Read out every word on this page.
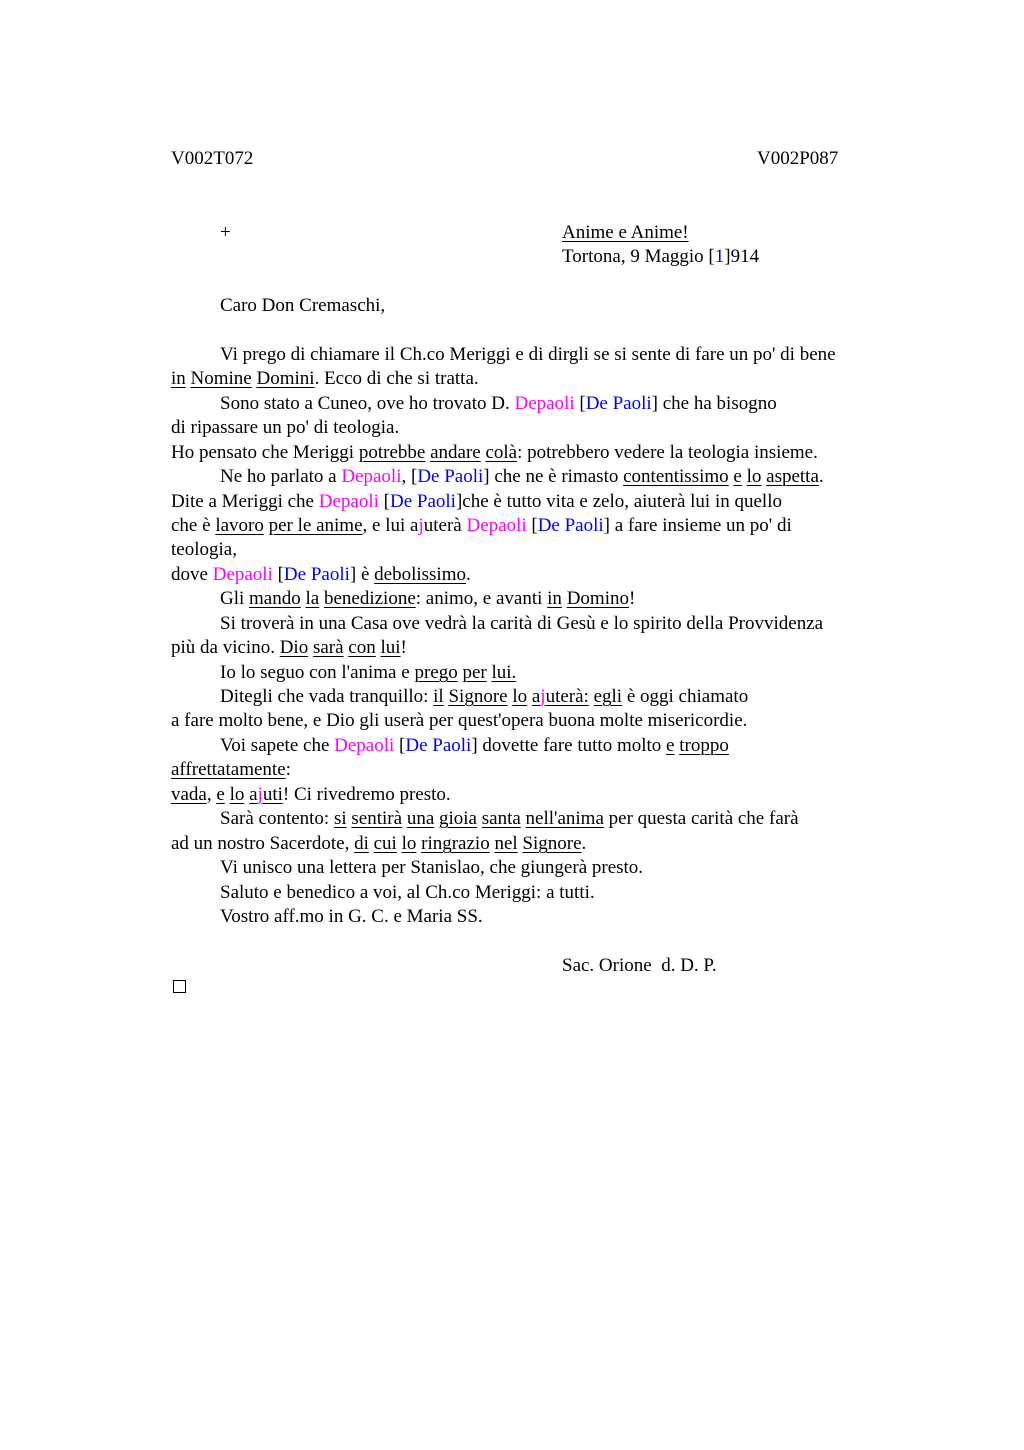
V002T072	V002P087
+	Anime e Anime!
Tortona, 9 Maggio [1]914
Caro Don Cremaschi,
Vi prego di chiamare il Ch.co Meriggi e di dirgli se si sente di fare un po' di bene
in Nomine Domini. Ecco di che si tratta.
Sono stato a Cuneo, ove ho trovato D. Depaoli [De Paoli] che ha bisogno
di ripassare un po' di teologia.
Ho pensato che Meriggi potrebbe andare colà: potrebbero vedere la teologia insieme.
Ne ho parlato a Depaoli, [De Paoli] che ne è rimasto contentissimo e lo aspetta.
Dite a Meriggi che Depaoli [De Paoli]che è tutto vita e zelo, aiuterà lui in quello
che è lavoro per le anime, e lui ajuterà Depaoli [De Paoli] a fare insieme un po' di
teologia,
dove Depaoli [De Paoli] è debolissimo.
Gli mando la benedizione: animo, e avanti in Domino!
Si troverà in una Casa ove vedrà la carità di Gesù e lo spirito della Provvidenza
più da vicino. Dio sarà con lui!
Io lo seguo con l'anima e prego per lui.
Ditegli che vada tranquillo: il Signore lo ajuterà: egli è oggi chiamato
a fare molto bene, e Dio gli userà per quest'opera buona molte misericordie.
Voi sapete che Depaoli [De Paoli] dovette fare tutto molto e troppo
affrettatamente:
vada, e lo ajuti! Ci rivedremo presto.
Sarà contento: si sentirà una gioia santa nell'anima per questa carità che farà
ad un nostro Sacerdote, di cui lo ringrazio nel Signore.
Vi unisco una lettera per Stanislao, che giungerà presto.
Saluto e benedico a voi, al Ch.co Meriggi: a tutti.
Vostro aff.mo in G. C. e Maria SS.
Sac. Orione  d. D. P.
